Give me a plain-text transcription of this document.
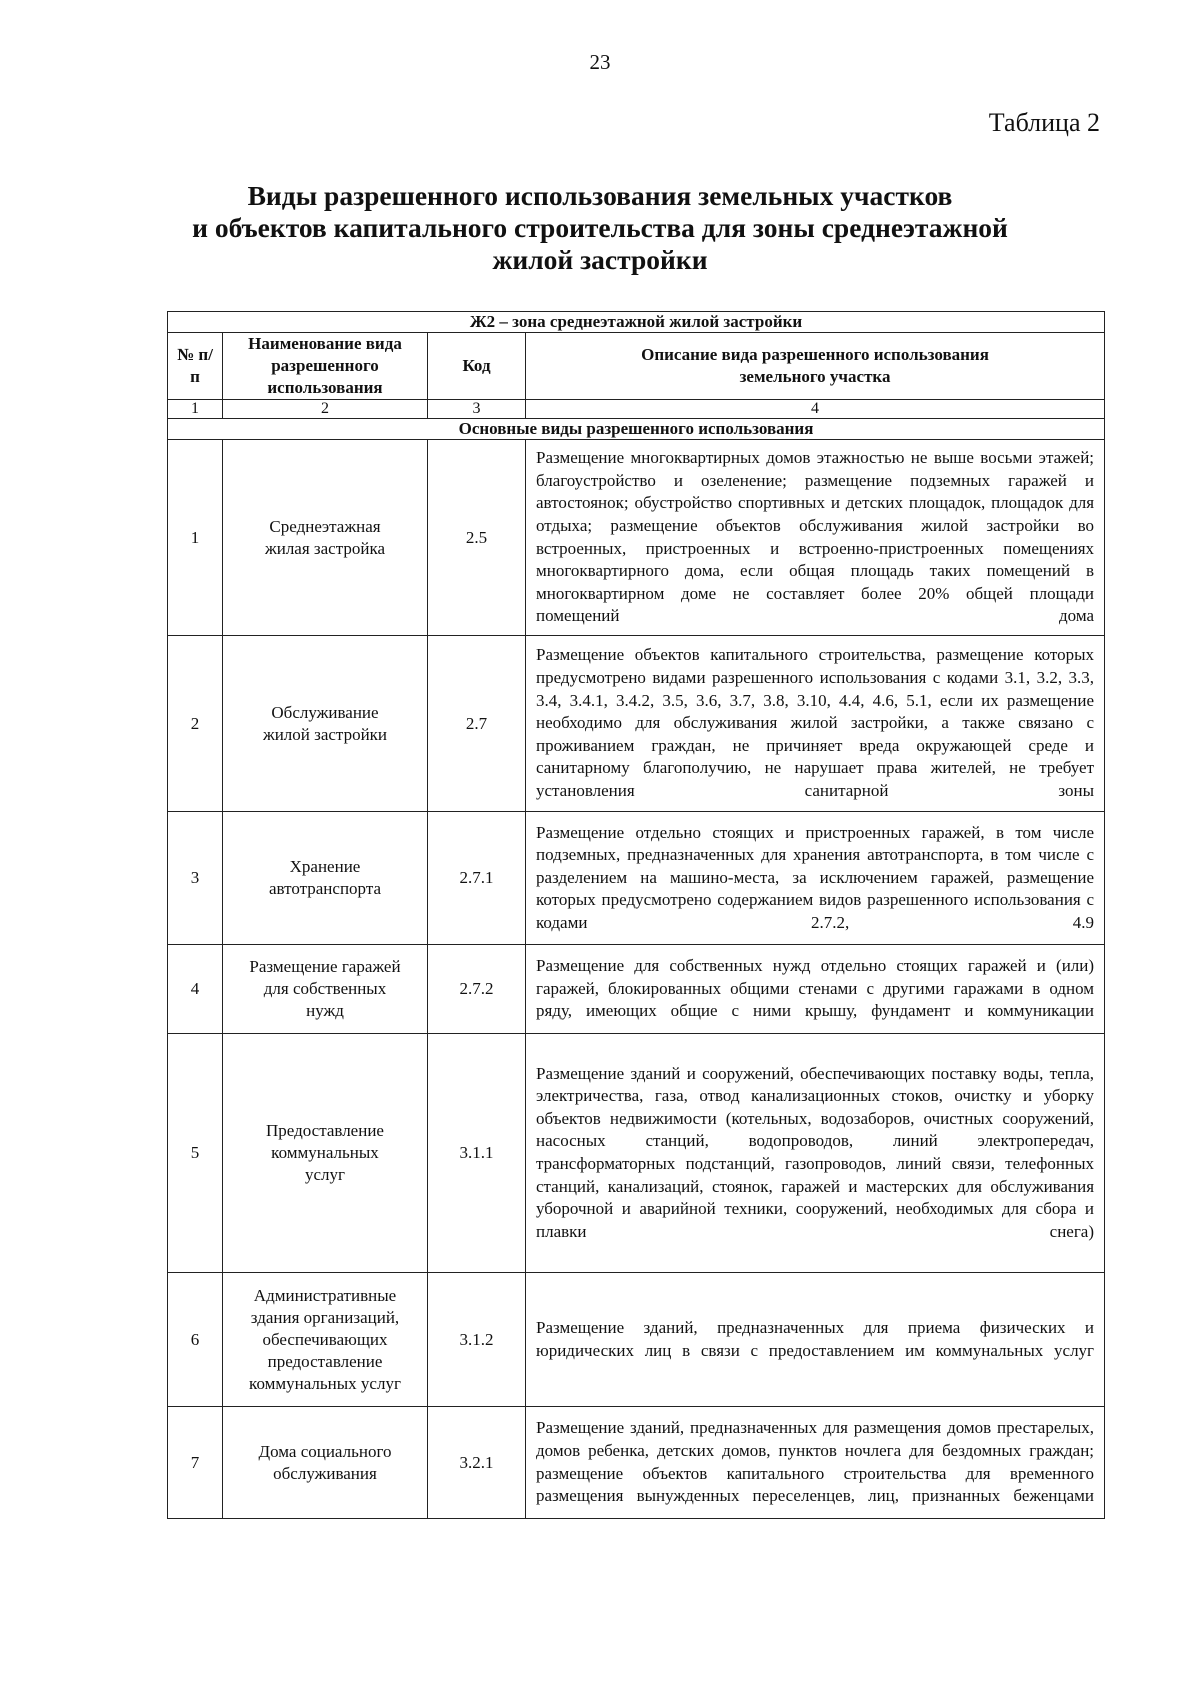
23
Таблица 2
Виды разрешенного использования земельных участков
и объектов капитального строительства для зоны среднеэтажной
жилой застройки
Ж2 – зона среднеэтажной жилой застройки			
№ п/п	Наименование вида разрешенного использования	Код	Описание вида разрешенного использования земельного участка
1	2	3	4
Основные виды разрешенного использования			
1	Среднеэтажная жилая застройка	2.5	Размещение многоквартирных домов этажностью не выше восьми этажей; благоустройство и озеленение; размещение подземных гаражей и автостоянок; обустройство спортивных и детских площадок, площадок для отдыха; размещение объектов обслуживания жилой застройки во встроенных, пристроенных и встроенно-пристроенных помещениях многоквартирного дома, если общая площадь таких помещений в многоквартирном доме не составляет более 20% общей площади помещений дома
2	Обслуживание жилой застройки	2.7	Размещение объектов капитального строительства, размещение которых предусмотрено видами разрешенного использования с кодами 3.1, 3.2, 3.3, 3.4, 3.4.1, 3.4.2, 3.5, 3.6, 3.7, 3.8, 3.10, 4.4, 4.6, 5.1, если их размещение необходимо для обслуживания жилой застройки, а также связано с проживанием граждан, не причиняет вреда окружающей среде и санитарному благополучию, не нарушает права жителей, не требует установления санитарной зоны
3	Хранение автотранспорта	2.7.1	Размещение отдельно стоящих и пристроенных гаражей, в том числе подземных, предназначенных для хранения автотранспорта, в том числе с разделением на машино-места, за исключением гаражей, размещение которых предусмотрено содержанием видов разрешенного использования с кодами 2.7.2, 4.9
4	Размещение гаражей для собственных нужд	2.7.2	Размещение для собственных нужд отдельно стоящих гаражей и (или) гаражей, блокированных общими стенами с другими гаражами в одном ряду, имеющих общие с ними крышу, фундамент и коммуникации
5	Предоставление коммунальных услуг	3.1.1	Размещение зданий и сооружений, обеспечивающих поставку воды, тепла, электричества, газа, отвод канализационных стоков, очистку и уборку объектов недвижимости (котельных, водозаборов, очистных сооружений, насосных станций, водопроводов, линий электропередач, трансформаторных подстанций, газопроводов, линий связи, телефонных станций, канализаций, стоянок, гаражей и мастерских для обслуживания уборочной и аварийной техники, сооружений, необходимых для сбора и плавки снега)
6	Административные здания организаций, обеспечивающих предоставление коммунальных услуг	3.1.2	Размещение зданий, предназначенных для приема физических и юридических лиц в связи с предоставлением им коммунальных услуг
7	Дома социального обслуживания	3.2.1	Размещение зданий, предназначенных для размещения домов престарелых, домов ребенка, детских домов, пунктов ночлега для бездомных граждан; размещение объектов капитального строительства для временного размещения вынужденных переселенцев, лиц, признанных беженцами
